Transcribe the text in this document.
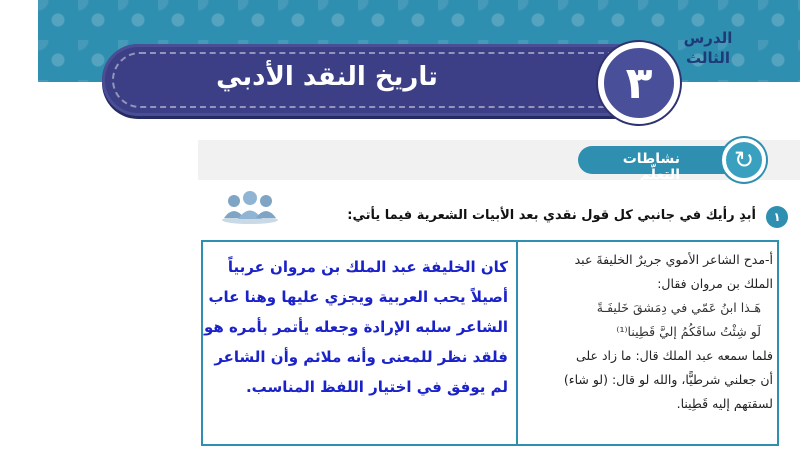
الدرس
الثالث
تاريخ النقد الأدبي	٣
نشاطات التعلّم
↻
١
أبدِ رأيك في جانبي كل قول نقدي بعد الأبيات الشعرية فيما يأتي:
كان الخليفة عبد الملك بن مروان عربياً أصيلاً يحب العربية ويجزي عليها وهنا عاب الشاعر سلبه الإرادة وجعله يأتمر بأمره هو فلقد نظر للمعنى وأنه ملائم وأن الشاعر لم يوفق في اختيار اللفظ المناسب.
أ-مدح الشاعر الأموي جريرٌ الخليفةَ عبد
الملك بن مروان فقال:
هَـذا ابنُ عَمّي في دِمَشقَ خَليفَـةً
لَو شِئْتُ ساقَكُمُ إليَّ قَطِينا⁽¹⁾
فلما سمعه عبد الملك قال: ما زاد على
أن جعلني شرطيًّا، والله لو قال: (لو شاء)
لسقتهم إليه قَطِينا.
